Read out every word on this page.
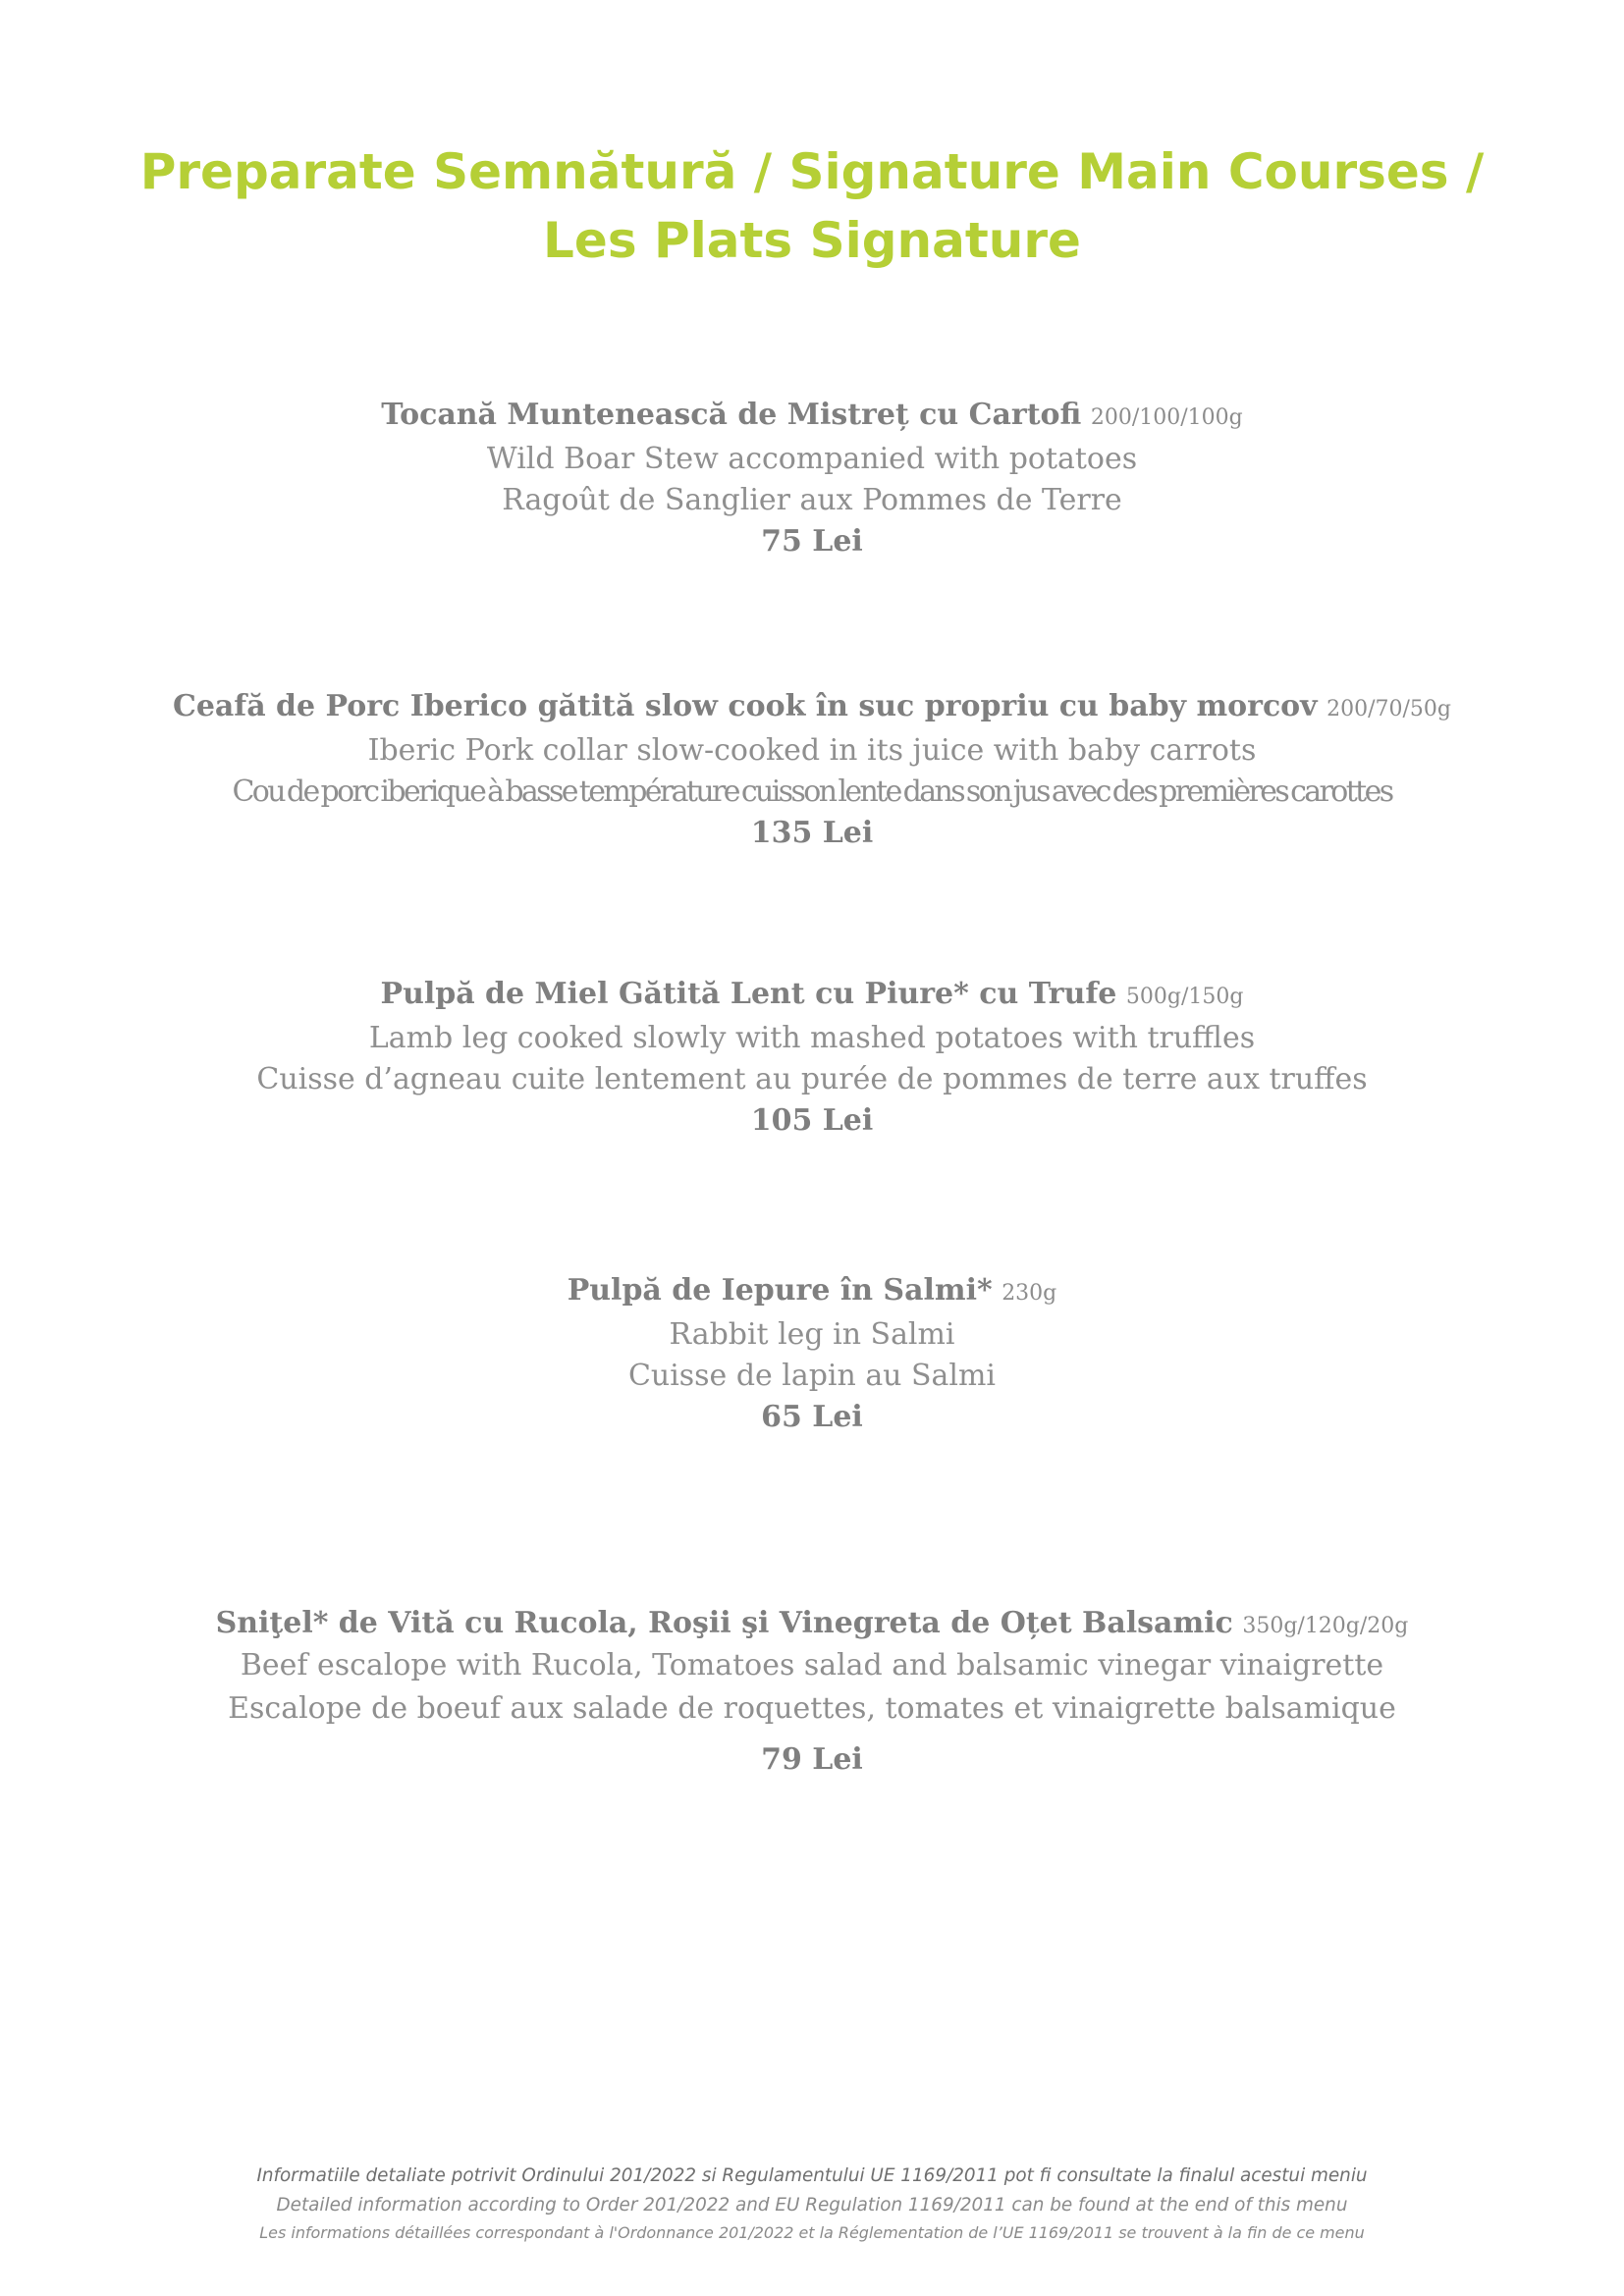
Preparate Semnătură / Signature Main Courses /
Les Plats Signature
Tocană Muntenească de Mistreț cu Cartofi 200/100/100g
Wild Boar Stew accompanied with potatoes
Ragoût de Sanglier aux Pommes de Terre
75 Lei
Ceafă de Porc Iberico gătită slow cook în suc propriu cu baby morcov 200/70/50g
Iberic Pork collar slow-cooked in its juice with baby carrots
Cou de porc iberique à basse température cuisson lente dans son jus avec des premières carottes
135 Lei
Pulpă de Miel Gătită Lent cu Piure* cu Trufe 500g/150g
Lamb leg cooked slowly with mashed potatoes with truffles
Cuisse d’agneau cuite lentement au purée de pommes de terre aux truffes
105 Lei
Pulpă de Iepure în Salmi* 230g
Rabbit leg in Salmi
Cuisse de lapin au Salmi
65 Lei
Sniţel* de Vită cu Rucola, Roşii şi Vinegreta de Oțet Balsamic 350g/120g/20g
Beef escalope with Rucola, Tomatoes salad and balsamic vinegar vinaigrette
Escalope de boeuf aux salade de roquettes, tomates et vinaigrette balsamique
79 Lei
Informatiile detaliate potrivit Ordinului 201/2022 si Regulamentului UE 1169/2011 pot fi consultate la finalul acestui meniu
Detailed information according to Order 201/2022 and EU Regulation 1169/2011 can be found at the end of this menu
Les informations détaillées correspondant à l'Ordonnance 201/2022 et la Réglementation de l’UE 1169/2011 se trouvent à la fin de ce menu
